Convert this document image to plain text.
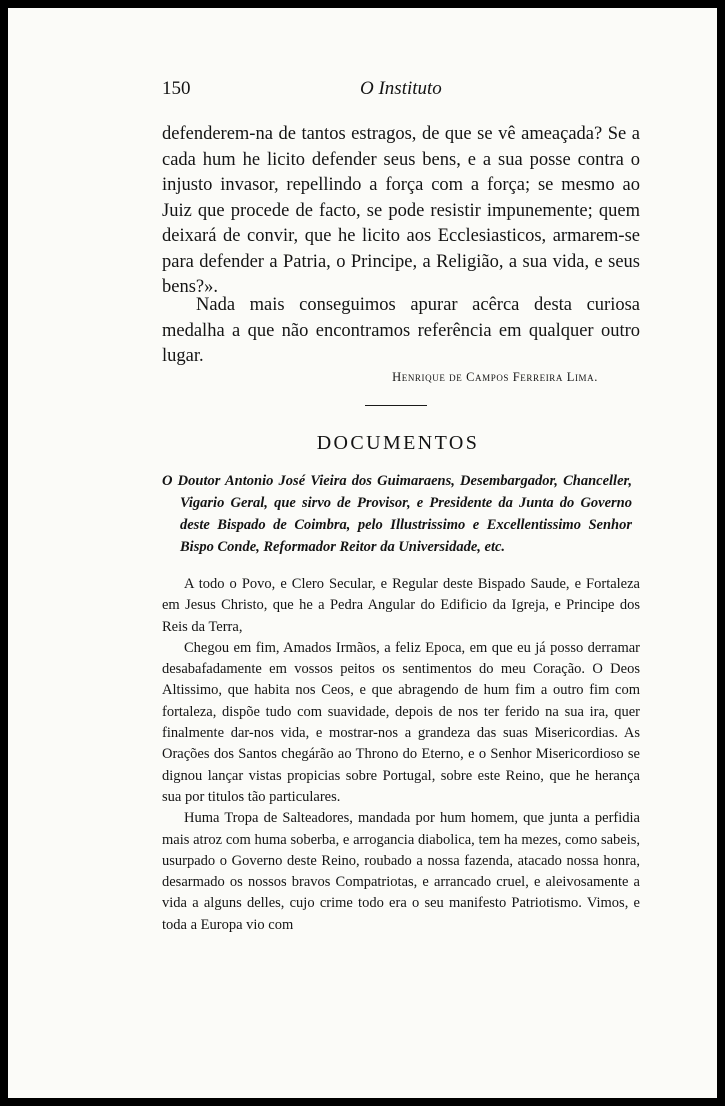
150	O Instituto

defenderem-na de tantos estragos, de que se vê ameaçada? Se a cada hum he licito defender seus bens, e a sua posse contra o injusto invasor, repellindo a força com a força; se mesmo ao Juiz que procede de facto, se pode resistir impunemente; quem deixará de convir, que he licito aos Ecclesiasticos, armarem-se para defender a Patria, o Principe, a Religião, a sua vida, e seus bens?».

Nada mais conseguimos apurar acêrca desta curiosa medalha a que não encontramos referência em qualquer outro lugar.

Henrique de Campos Ferreira Lima.
DOCUMENTOS
O Doutor Antonio José Vieira dos Guimaraens, Desembargador, Chanceller, Vigario Geral, que sirvo de Provisor, e Presidente da Junta do Governo deste Bispado de Coimbra, pelo Illustrissimo e Excellentissimo Senhor Bispo Conde, Reformador Reitor da Universidade, etc.
A todo o Povo, e Clero Secular, e Regular deste Bispado Saude, e Fortaleza em Jesus Christo, que he a Pedra Angular do Edificio da Igreja, e Principe dos Reis da Terra,
Chegou em fim, Amados Irmãos, a feliz Epoca, em que eu já posso derramar desabafadamente em vossos peitos os sentimentos do meu Coração. O Deos Altissimo, que habita nos Ceos, e que abragendo de hum fim a outro fim com fortaleza, dispõe tudo com suavidade, depois de nos ter ferido na sua ira, quer finalmente dar-nos vida, e mostrar-nos a grandeza das suas Misericordias. As Orações dos Santos chegárão ao Throno do Eterno, e o Senhor Misericordioso se dignou lançar vistas propicias sobre Portugal, sobre este Reino, que he herança sua por titulos tão particulares.
Huma Tropa de Salteadores, mandada por hum homem, que junta a perfidia mais atroz com huma soberba, e arrogancia diabolica, tem ha mezes, como sabeis, usurpado o Governo deste Reino, roubado a nossa fazenda, atacado nossa honra, desarmado os nossos bravos Compatriotas, e arrancado cruel, e aleivosamente a vida a alguns delles, cujo crime todo era o seu manifesto Patriotismo. Vimos, e toda a Europa vio com
